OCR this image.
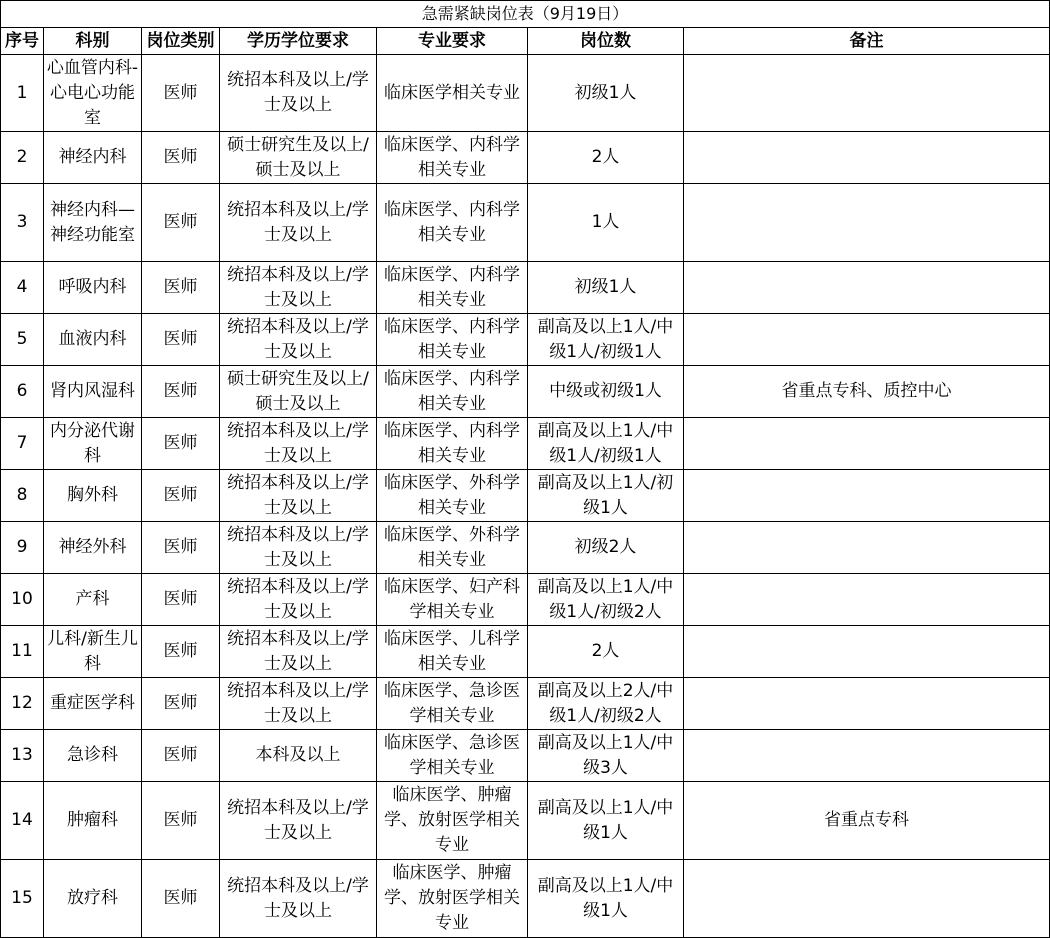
急需紧缺岗位表（9月19日）						
序号	科别	岗位类别	学历学位要求	专业要求	岗位数	备注
1	心血管内科-心电心功能室	医师	统招本科及以上/学士及以上	临床医学相关专业	初级1人	
2	神经内科	医师	硕士研究生及以上/硕士及以上	临床医学、内科学相关专业	2人	
3	神经内科—神经功能室	医师	统招本科及以上/学士及以上	临床医学、内科学相关专业	1人	
4	呼吸内科	医师	统招本科及以上/学士及以上	临床医学、内科学相关专业	初级1人	
5	血液内科	医师	统招本科及以上/学士及以上	临床医学、内科学相关专业	副高及以上1人/中级1人/初级1人	
6	肾内风湿科	医师	硕士研究生及以上/硕士及以上	临床医学、内科学相关专业	中级或初级1人	省重点专科、质控中心
7	内分泌代谢科	医师	统招本科及以上/学士及以上	临床医学、内科学相关专业	副高及以上1人/中级1人/初级1人	
8	胸外科	医师	统招本科及以上/学士及以上	临床医学、外科学相关专业	副高及以上1人/初级1人	
9	神经外科	医师	统招本科及以上/学士及以上	临床医学、外科学相关专业	初级2人	
10	产科	医师	统招本科及以上/学士及以上	临床医学、妇产科学相关专业	副高及以上1人/中级1人/初级2人	
11	儿科/新生儿科	医师	统招本科及以上/学士及以上	临床医学、儿科学相关专业	2人	
12	重症医学科	医师	统招本科及以上/学士及以上	临床医学、急诊医学相关专业	副高及以上2人/中级1人/初级2人	
13	急诊科	医师	本科及以上	临床医学、急诊医学相关专业	副高及以上1人/中级3人	
14	肿瘤科	医师	统招本科及以上/学士及以上	临床医学、肿瘤学、放射医学相关专业	副高及以上1人/中级1人	省重点专科
15	放疗科	医师	统招本科及以上/学士及以上	临床医学、肿瘤学、放射医学相关专业	副高及以上1人/中级1人	
